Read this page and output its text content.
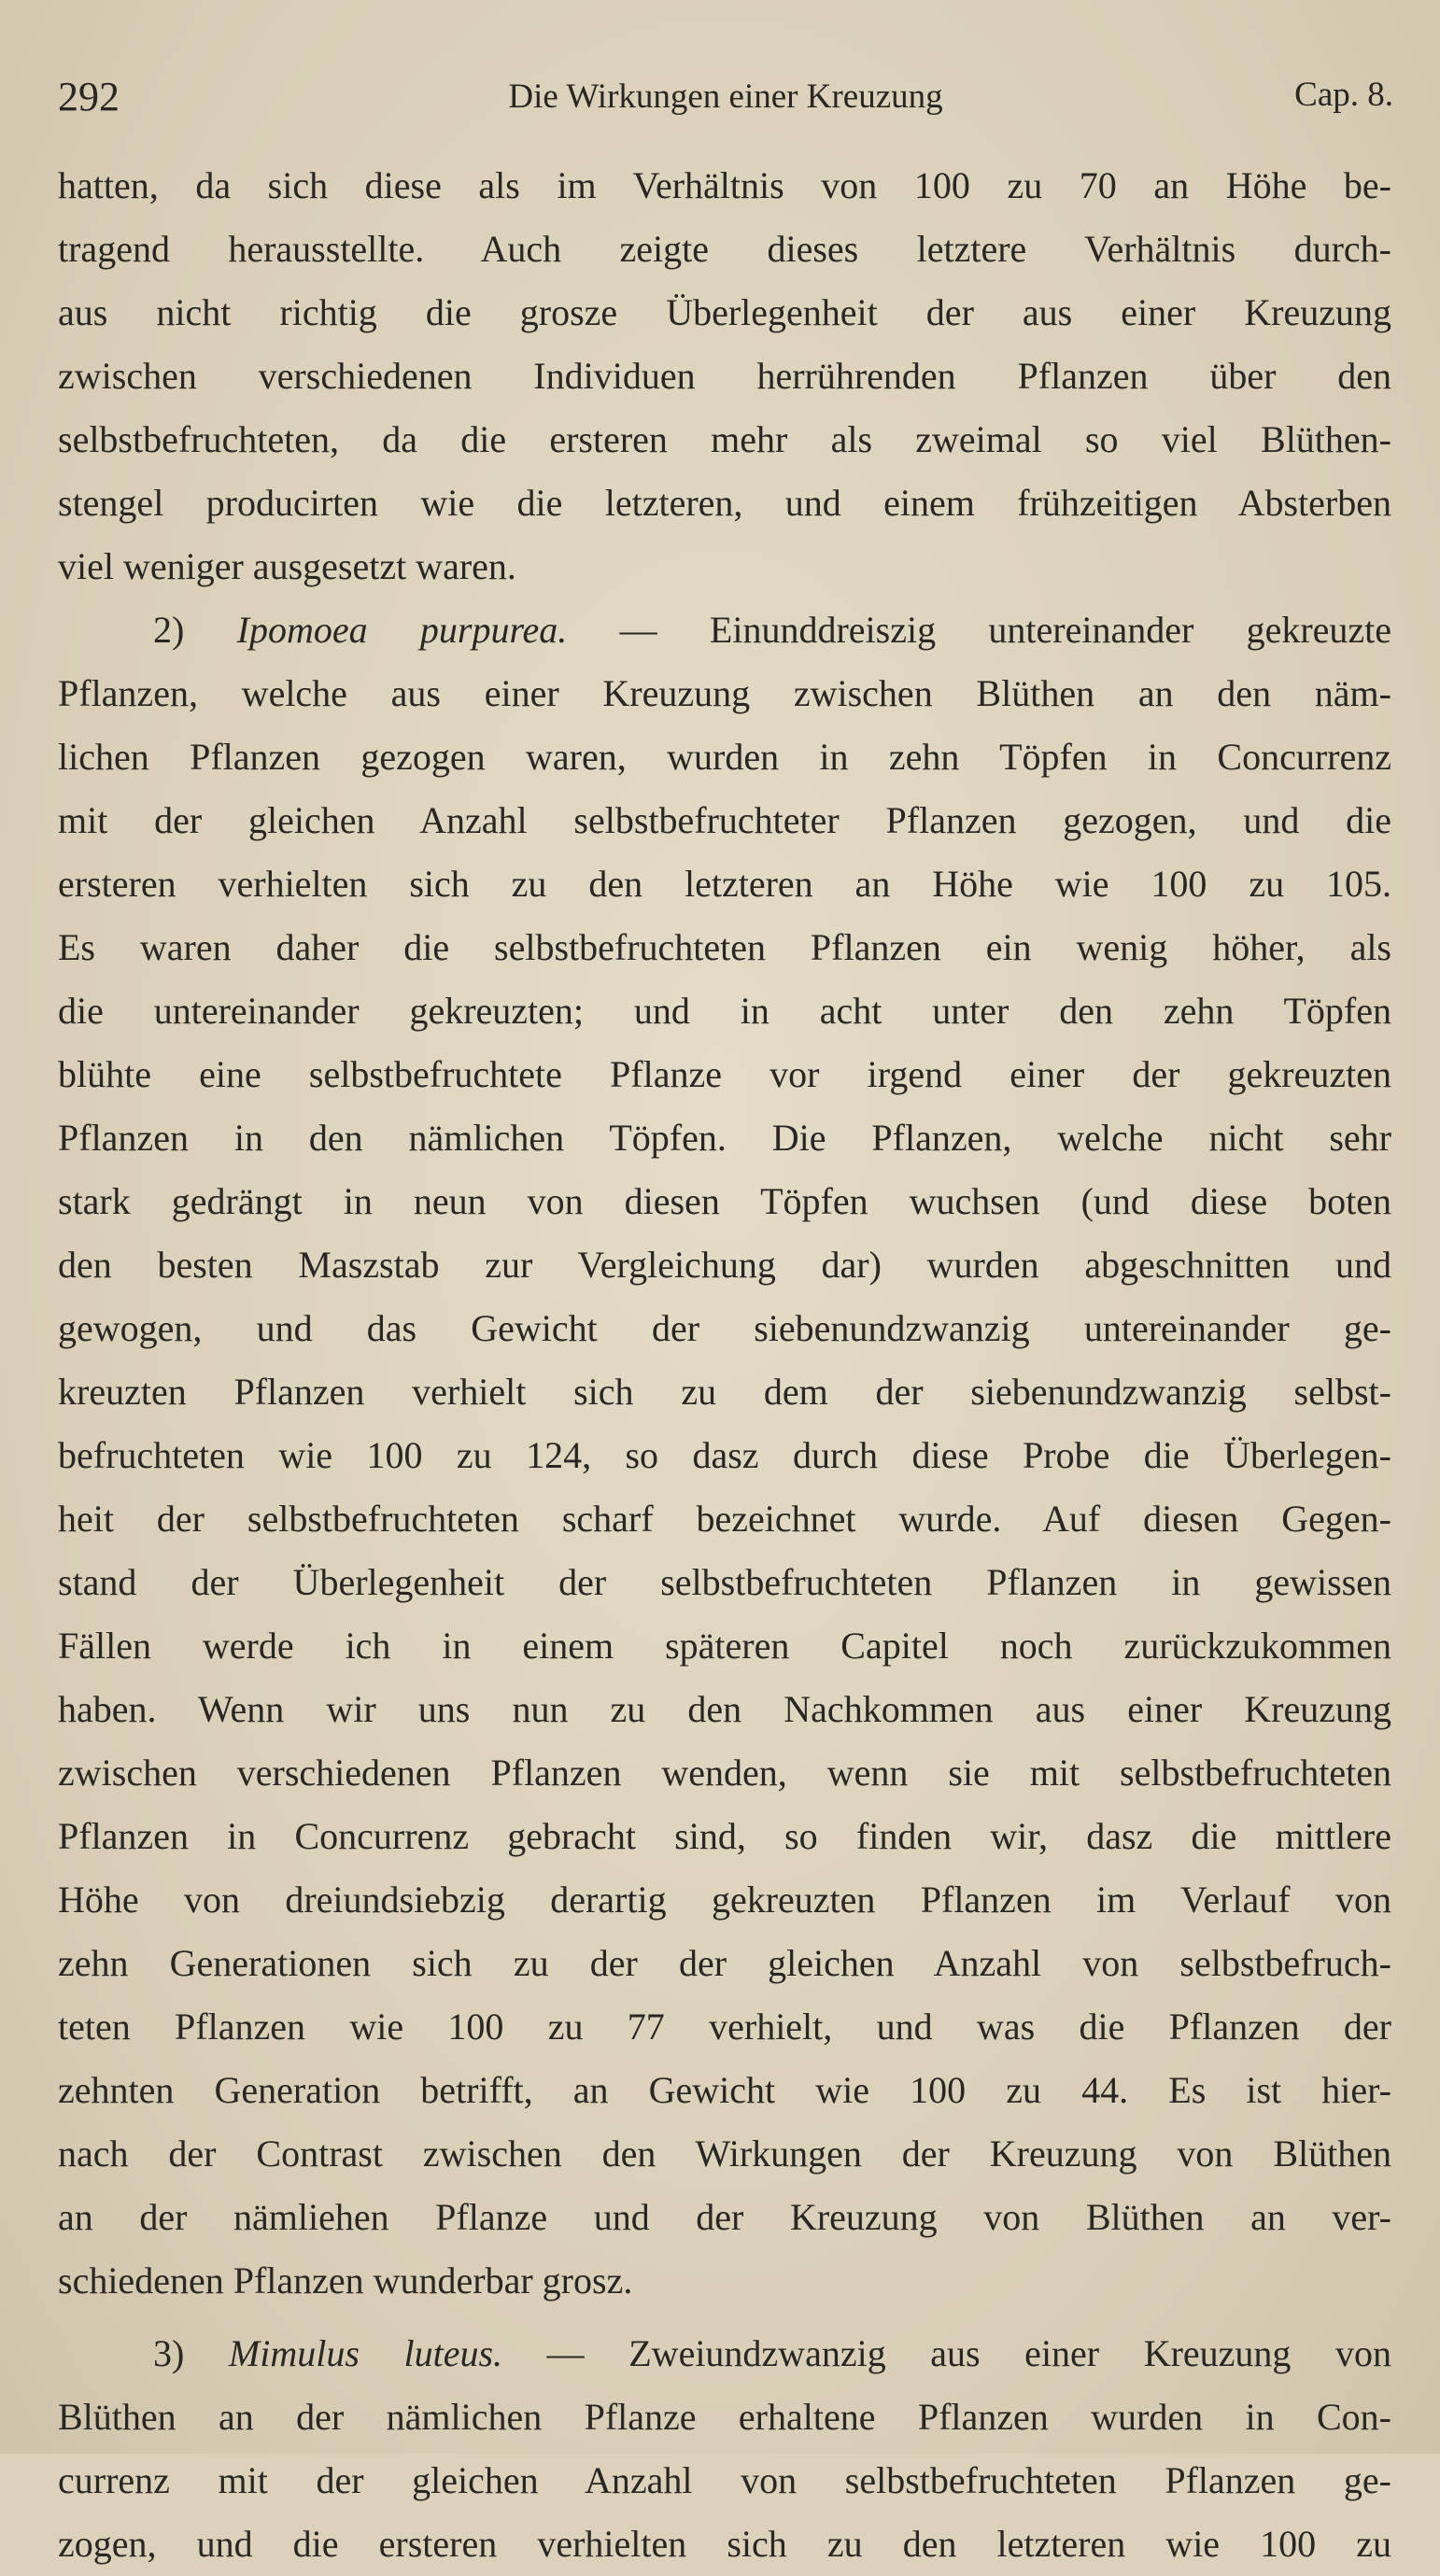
292	Die Wirkungen einer Kreuzung	Cap. 8.
hatten, da sich diese als im Verhältnis von 100 zu 70 an Höhe be-
tragend herausstellte. Auch zeigte dieses letztere Verhältnis durch-
aus nicht richtig die grosze Überlegenheit der aus einer Kreuzung
zwischen verschiedenen Individuen herrührenden Pflanzen über den
selbstbefruchteten, da die ersteren mehr als zweimal so viel Blüthen-
stengel producirten wie die letzteren, und einem frühzeitigen Absterben
viel weniger ausgesetzt waren.
2) Ipomoea purpurea. — Einunddreiszig untereinander gekreuzte
Pflanzen, welche aus einer Kreuzung zwischen Blüthen an den näm-
lichen Pflanzen gezogen waren, wurden in zehn Töpfen in Concurrenz
mit der gleichen Anzahl selbstbefruchteter Pflanzen gezogen, und die
ersteren verhielten sich zu den letzteren an Höhe wie 100 zu 105.
Es waren daher die selbstbefruchteten Pflanzen ein wenig höher, als
die untereinander gekreuzten; und in acht unter den zehn Töpfen
blühte eine selbstbefruchtete Pflanze vor irgend einer der gekreuzten
Pflanzen in den nämlichen Töpfen. Die Pflanzen, welche nicht sehr
stark gedrängt in neun von diesen Töpfen wuchsen (und diese boten
den besten Maszstab zur Vergleichung dar) wurden abgeschnitten und
gewogen, und das Gewicht der siebenundzwanzig untereinander ge-
kreuzten Pflanzen verhielt sich zu dem der siebenundzwanzig selbst-
befruchteten wie 100 zu 124, so dasz durch diese Probe die Überlegen-
heit der selbstbefruchteten scharf bezeichnet wurde. Auf diesen Gegen-
stand der Überlegenheit der selbstbefruchteten Pflanzen in gewissen
Fällen werde ich in einem späteren Capitel noch zurückzukommen
haben. Wenn wir uns nun zu den Nachkommen aus einer Kreuzung
zwischen verschiedenen Pflanzen wenden, wenn sie mit selbstbefruchteten
Pflanzen in Concurrenz gebracht sind, so finden wir, dasz die mittlere
Höhe von dreiundsiebzig derartig gekreuzten Pflanzen im Verlauf von
zehn Generationen sich zu der der gleichen Anzahl von selbstbefruch-
teten Pflanzen wie 100 zu 77 verhielt, und was die Pflanzen der
zehnten Generation betrifft, an Gewicht wie 100 zu 44. Es ist hier-
nach der Contrast zwischen den Wirkungen der Kreuzung von Blüthen
an der nämliehen Pflanze und der Kreuzung von Blüthen an ver-
schiedenen Pflanzen wunderbar grosz.
3) Mimulus luteus. — Zweiundzwanzig aus einer Kreuzung von
Blüthen an der nämlichen Pflanze erhaltene Pflanzen wurden in Con-
currenz mit der gleichen Anzahl von selbstbefruchteten Pflanzen ge-
zogen, und die ersteren verhielten sich zu den letzteren wie 100 zu
